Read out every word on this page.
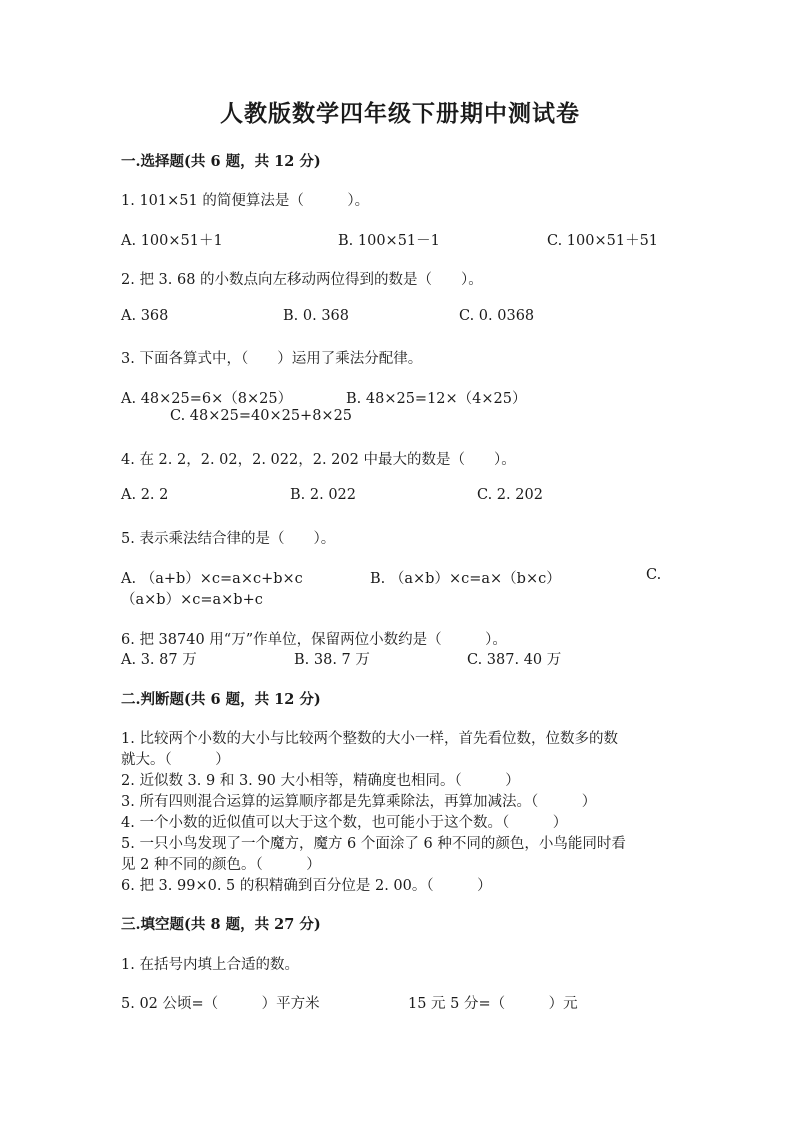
人教版数学四年级下册期中测试卷
一.选择题(共 6 题，共 12 分)
1. 101×51 的简便算法是（　　　）。
A. 100×51＋1	B. 100×51－1	C. 100×51＋51
2. 把 3. 68 的小数点向左移动两位得到的数是（　　）。
A. 368	B. 0. 368	C. 0. 0368
3. 下面各算式中，（　　）运用了乘法分配律。
A. 48×25=6×（8×25）	B. 48×25=12×（4×25）
C. 48×25=40×25+8×25
4. 在 2. 2，2. 02，2. 022，2. 202 中最大的数是（　　）。
A. 2. 2	B. 2. 022	C. 2. 202
5. 表示乘法结合律的是（　　）。
A. （a+b）×c=a×c+b×c	B. （a×b）×c=a×（b×c）	C.
（a×b）×c=a×b+c
6. 把 38740 用“万”作单位，保留两位小数约是（　　　）。
A. 3. 87 万	B. 38. 7 万	C. 387. 40 万
二.判断题(共 6 题，共 12 分)
1. 比较两个小数的大小与比较两个整数的大小一样，首先看位数，位数多的数
就大。（　　　）
2. 近似数 3. 9 和 3. 90 大小相等，精确度也相同。（　　　）
3. 所有四则混合运算的运算顺序都是先算乘除法，再算加减法。（　　　）
4. 一个小数的近似值可以大于这个数，也可能小于这个数。（　　　）
5. 一只小鸟发现了一个魔方，魔方 6 个面涂了 6 种不同的颜色，小鸟能同时看
见 2 种不同的颜色。（　　　）
6. 把 3. 99×0. 5 的积精确到百分位是 2. 00。（　　　）
三.填空题(共 8 题，共 27 分)
1. 在括号内填上合适的数。
5. 02 公顷=（　　　）平方米	15 元 5 分=（　　　）元
